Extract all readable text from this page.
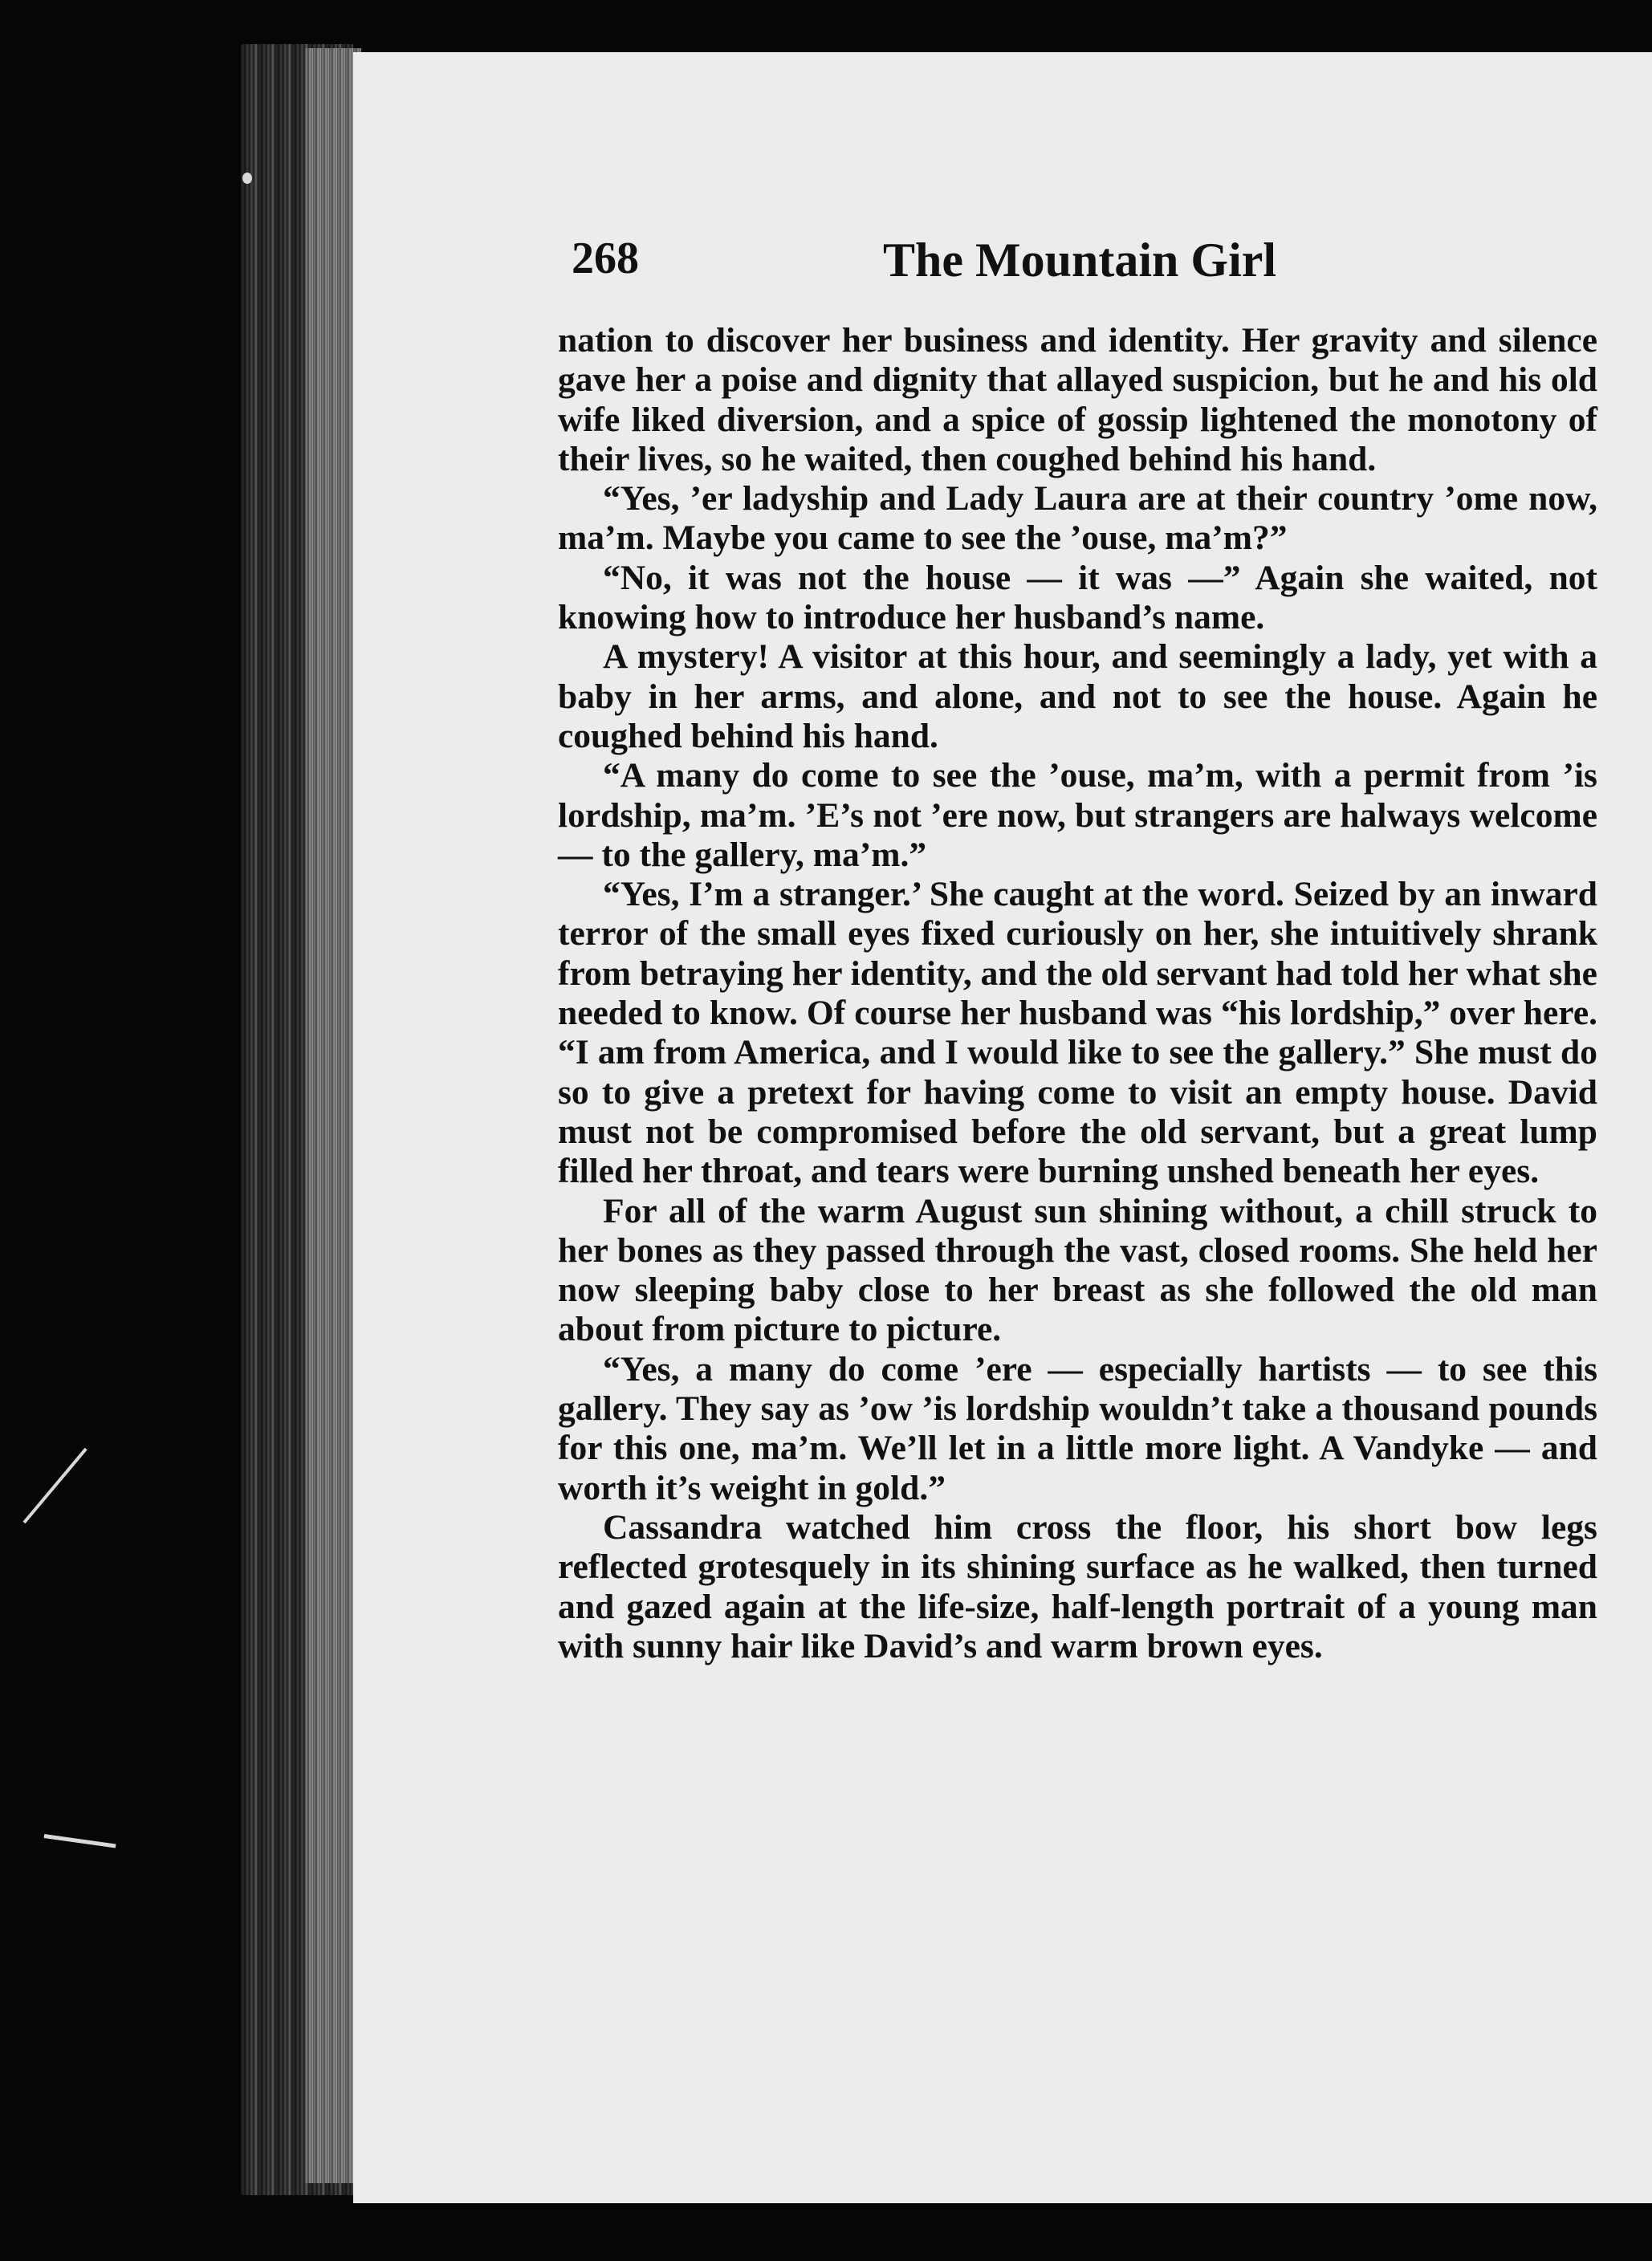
268	The Mountain Girl

nation to discover her business and identity. Her gravity and silence gave her a poise and dignity that allayed suspicion, but he and his old wife liked diversion, and a spice of gossip lightened the monotony of their lives, so he waited, then coughed behind his hand.

“Yes, ’er ladyship and Lady Laura are at their country ’ome now, ma’m. Maybe you came to see the ’ouse, ma’m?”

“No, it was not the house — it was —” Again she waited, not knowing how to introduce her husband’s name.

A mystery! A visitor at this hour, and seemingly a lady, yet with a baby in her arms, and alone, and not to see the house. Again he coughed behind his hand.

“A many do come to see the ’ouse, ma’m, with a permit from ’is lordship, ma’m. ’E’s not ’ere now, but strangers are halways welcome — to the gallery, ma’m.”

“Yes, I’m a stranger.’ She caught at the word. Seized by an inward terror of the small eyes fixed curiously on her, she intuitively shrank from betraying her identity, and the old servant had told her what she needed to know. Of course her husband was “his lordship,” over here. “I am from America, and I would like to see the gallery.” She must do so to give a pretext for having come to visit an empty house. David must not be compromised before the old servant, but a great lump filled her throat, and tears were burning unshed beneath her eyes.

For all of the warm August sun shining without, a chill struck to her bones as they passed through the vast, closed rooms. She held her now sleeping baby close to her breast as she followed the old man about from picture to picture.

“Yes, a many do come ’ere — especially hartists — to see this gallery. They say as ’ow ’is lordship wouldn’t take a thousand pounds for this one, ma’m. We’ll let in a little more light. A Vandyke — and worth it’s weight in gold.”

Cassandra watched him cross the floor, his short bow legs reflected grotesquely in its shining surface as he walked, then turned and gazed again at the life-size, half-length portrait of a young man with sunny hair like David’s and warm brown eyes.
